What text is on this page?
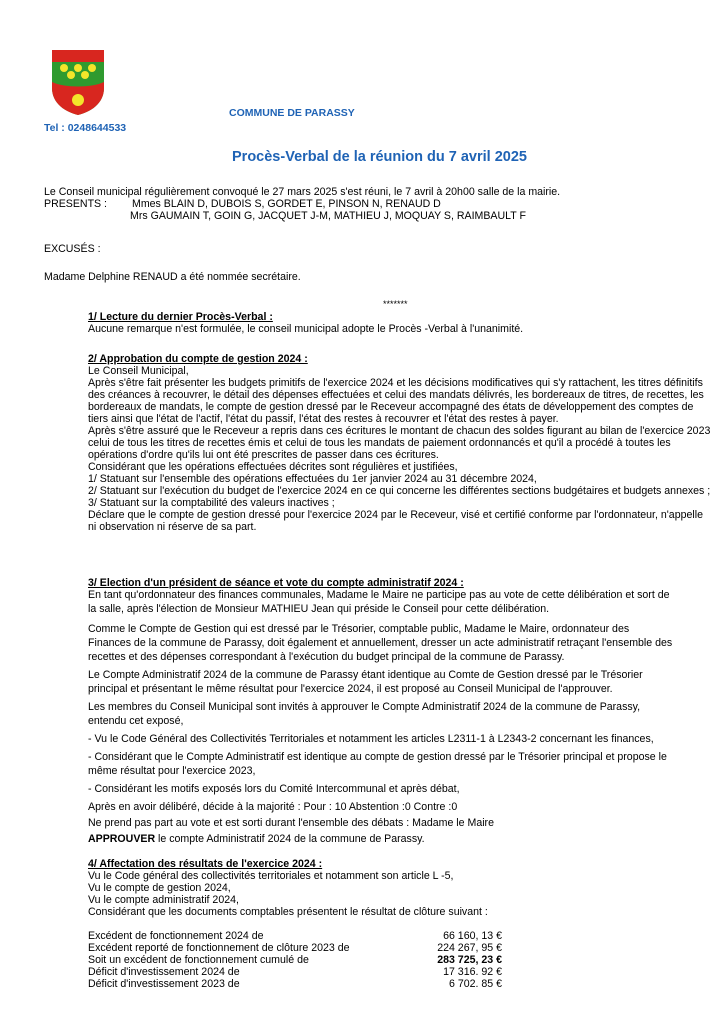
Tel : 0248644533
COMMUNE DE PARASSY
Procès-Verbal de la réunion du 7 avril 2025
Le Conseil municipal régulièrement convoqué le 27 mars 2025 s'est réuni, le 7 avril à 20h00 salle de la mairie.
PRESENTS : Mmes BLAIN D, DUBOIS S, GORDET E, PINSON N, RENAUD D
Mrs GAUMAIN T, GOIN G, JACQUET J-M, MATHIEU J, MOQUAY S, RAIMBAULT F
EXCUSÉS :
Madame Delphine RENAUD a été nommée secrétaire.
*******
1/ Lecture du dernier Procès-Verbal :
Aucune remarque n'est formulée, le conseil municipal adopte le Procès -Verbal à l'unanimité.
2/ Approbation du compte de gestion 2024 :
Le Conseil Municipal,
Après s'être fait présenter les budgets primitifs de l'exercice 2024 et les décisions modificatives qui s'y rattachent, les titres définitifs
des créances à recouvrer, le détail des dépenses effectuées et celui des mandats délivrés, les bordereaux de titres, de recettes, les
bordereaux de mandats, le compte de gestion dressé par le Receveur accompagné des états de développement des comptes de
tiers ainsi que l'état de l'actif, l'état du passif, l'état des restes à recouvrer et l'état des restes à payer.
Après s'être assuré que le Receveur a repris dans ces écritures le montant de chacun des soldes figurant au bilan de l'exercice 2023
celui de tous les titres de recettes émis et celui de tous les mandats de paiement ordonnancés et qu'il a procédé à toutes les
opérations d'ordre qu'ils lui ont été prescrites de passer dans ces écritures.
Considérant que les opérations effectuées décrites sont régulières et justifiées,
1/ Statuant sur l'ensemble des opérations effectuées du 1er janvier 2024 au 31 décembre 2024,
2/ Statuant sur l'exécution du budget de l'exercice 2024 en ce qui concerne les différentes sections budgétaires et budgets annexes ;
3/ Statuant sur la comptabilité des valeurs inactives ;
Déclare que le compte de gestion dressé pour l'exercice 2024 par le Receveur, visé et certifié conforme par l'ordonnateur, n'appelle
ni observation ni réserve de sa part.
3/ Election d'un président de séance et vote du compte administratif 2024 :
En tant qu'ordonnateur des finances communales, Madame le Maire ne participe pas au vote de cette délibération et sort de
la salle, après l'élection de Monsieur MATHIEU Jean qui préside le Conseil pour cette délibération.
Comme le Compte de Gestion qui est dressé par le Trésorier, comptable public, Madame le Maire, ordonnateur des
Finances de la commune de Parassy, doit également et annuellement, dresser un acte administratif retraçant l'ensemble des
recettes et des dépenses correspondant à l'exécution du budget principal de la commune de Parassy.
Le Compte Administratif 2024 de la commune de Parassy étant identique au Comte de Gestion dressé par le Trésorier
principal et présentant le même résultat pour l'exercice 2024, il est proposé au Conseil Municipal de l'approuver.
Les membres du Conseil Municipal sont invités à approuver le Compte Administratif 2024 de la commune de Parassy,
entendu cet exposé,
- Vu le Code Général des Collectivités Territoriales et notamment les articles L2311-1 à L2343-2 concernant les finances,
- Considérant que le Compte Administratif est identique au compte de gestion dressé par le Trésorier principal et propose le
même résultat pour l'exercice 2023,
- Considérant les motifs exposés lors du Comité Intercommunal et après débat,
Après en avoir délibéré, décide à la majorité : Pour : 10 Abstention :0 Contre :0
Ne prend pas part au vote et est sorti durant l'ensemble des débats : Madame le Maire
APPROUVER le compte Administratif 2024 de la commune de Parassy.
4/ Affectation des résultats de l'exercice 2024 :
Vu le Code général des collectivités territoriales et notamment son article L -5,
Vu le compte de gestion 2024,
Vu le compte administratif 2024,
Considérant que les documents comptables présentent le résultat de clôture suivant :
Excédent de fonctionnement 2024 de	66 160, 13 €
Excédent reporté de fonctionnement de clôture 2023 de	224 267, 95 €
Soit un excédent de fonctionnement cumulé de	283 725, 23 €
Déficit d'investissement 2024 de	17 316. 92 €
Déficit d'investissement 2023 de	6 702. 85 €
